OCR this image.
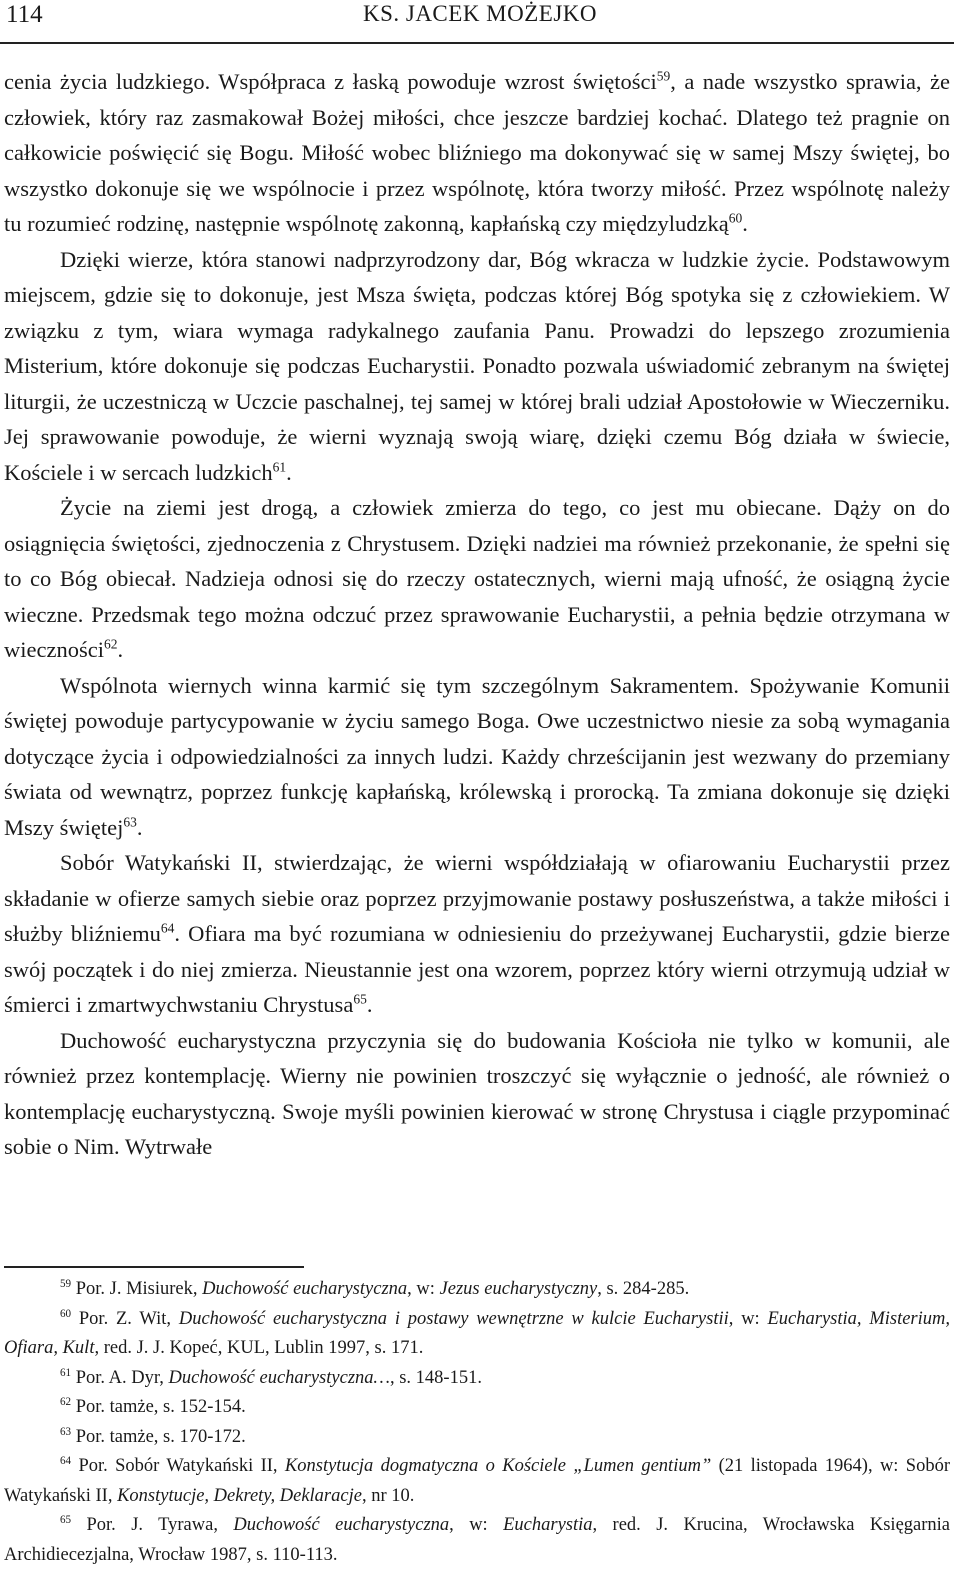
114	KS. JACEK MOŻEJKO

cenia życia ludzkiego. Współpraca z łaską powoduje wzrost świętości$^{59}$, a nade wszystko sprawia, że człowiek, który raz zasmakował Bożej miłości, chce jeszcze bardziej kochać. Dlatego też pragnie on całkowicie poświęcić się Bogu. Miłość wobec bliźniego ma dokonywać się w samej Mszy świętej, bo wszystko dokonuje się we wspólnocie i przez wspólnotę, która tworzy miłość. Przez wspólnotę należy tu rozumieć rodzinę, następnie wspólnotę zakonną, kapłańską czy międzyludzką$^{60}$.

Dzięki wierze, która stanowi nadprzyrodzony dar, Bóg wkracza w ludzkie życie. Podstawowym miejscem, gdzie się to dokonuje, jest Msza święta, podczas której Bóg spotyka się z człowiekiem. W związku z tym, wiara wymaga radykalnego zaufania Panu. Prowadzi do lepszego zrozumienia Misterium, które dokonuje się podczas Eucharystii. Ponadto pozwala uświadomić zebranym na świętej liturgii, że uczestniczą w Uczcie paschalnej, tej samej w której brali udział Apostołowie w Wieczerniku. Jej sprawowanie powoduje, że wierni wyznają swoją wiarę, dzięki czemu Bóg działa w świecie, Kościele i w sercach ludzkich$^{61}$.

Życie na ziemi jest drogą, a człowiek zmierza do tego, co jest mu obiecane. Dąży on do osiągnięcia świętości, zjednoczenia z Chrystusem. Dzięki nadziei ma również przekonanie, że spełni się to co Bóg obiecał. Nadzieja odnosi się do rzeczy ostatecznych, wierni mają ufność, że osiągną życie wieczne. Przedsmak tego można odczuć przez sprawowanie Eucharystii, a pełnia będzie otrzymana w wieczności$^{62}$.

Wspólnota wiernych winna karmić się tym szczególnym Sakramentem. Spożywanie Komunii świętej powoduje partycypowanie w życiu samego Boga. Owe uczestnictwo niesie za sobą wymagania dotyczące życia i odpowiedzialności za innych ludzi. Każdy chrześcijanin jest wezwany do przemiany świata od wewnątrz, poprzez funkcję kapłańską, królewską i prorocką. Ta zmiana dokonuje się dzięki Mszy świętej$^{63}$.

Sobór Watykański II, stwierdzając, że wierni współdziałają w ofiarowaniu Eucharystii przez składanie w ofierze samych siebie oraz poprzez przyjmowanie postawy posłuszeństwa, a także miłości i służby bliźniemu$^{64}$. Ofiara ma być rozumiana w odniesieniu do przeżywanej Eucharystii, gdzie bierze swój początek i do niej zmierza. Nieustannie jest ona wzorem, poprzez który wierni otrzymują udział w śmierci i zmartwychwstaniu Chrystusa$^{65}$.

Duchowość eucharystyczna przyczynia się do budowania Kościoła nie tylko w komunii, ale również przez kontemplację. Wierny nie powinien troszczyć się wyłącznie o jedność, ale również o kontemplację eucharystyczną. Swoje myśli powinien kierować w stronę Chrystusa i ciągle przypominać sobie o Nim. Wytrwałe

$^{59}$ Por. J. Misiurek, Duchowość eucharystyczna, w: Jezus eucharystyczny, s. 284-285.

$^{60}$ Por. Z. Wit, Duchowość eucharystyczna i postawy wewnętrzne w kulcie Eucharystii, w: Eucharystia, Misterium, Ofiara, Kult, red. J. J. Kopeć, KUL, Lublin 1997, s. 171.

$^{61}$ Por. A. Dyr, Duchowość eucharystyczna…, s. 148-151.

$^{62}$ Por. tamże, s. 152-154.

$^{63}$ Por. tamże, s. 170-172.

$^{64}$ Por. Sobór Watykański II, Konstytucja dogmatyczna o Kościele „Lumen gentium” (21 listopada 1964), w: Sobór Watykański II, Konstytucje, Dekrety, Deklaracje, nr 10.

$^{65}$ Por. J. Tyrawa, Duchowość eucharystyczna, w: Eucharystia, red. J. Krucina, Wrocławska Księgarnia Archidiecezjalna, Wrocław 1987, s. 110-113.
